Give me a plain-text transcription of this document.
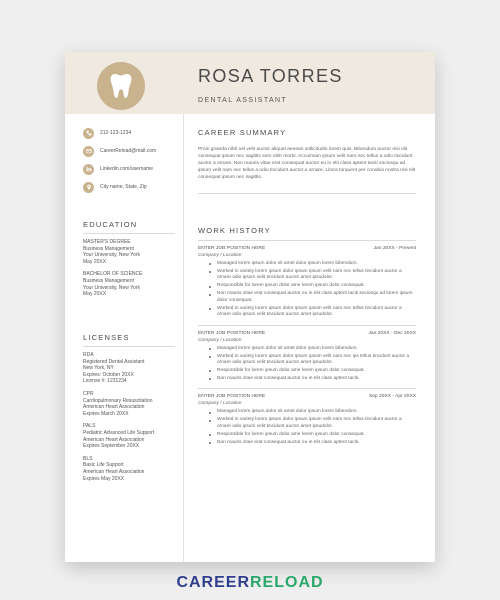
ROSA TORRES
DENTAL ASSISTANT
212-123-1234
CareerReload@mail.com
Linkedin.com/username
City name, State, Zip
EDUCATION
MASTER'S DEGREE
Business Management
Your University, New York
May 20XX
BACHELOR OF SCIENCE
Business Management
Your University, New York
May 20XX
LICENSES
RDA
Registered Dental Assistant
New York, NY
Expires: October 20XX
License #: 1231234
CPR
Cardiopulmonary Resuscitation
American Heart Association
Expires March 20XX
PALS
Pediatric Advanced Life Support
American Heart Association
Expires September 20XX
BLS
Basic Life Support
American Heart Association
Expires May 20XX
CAREER SUMMARY
Proin gravida nibh vel velit auctor aliquet aenean sollicitudin lorem quis. Bibendum auctor nisi elit consequat ipsum nec sagittis sem nibh morbi. Accumsan ipsum velit nam nec tellus a odio tincidunt auctor a ornare. Non mauris vitae erat consequat auctor eu in elit class aptent taciti sociosqu ad ipsum velit nam nec tellus a odio tincidunt auctor a ornare. Litora torquent per conubia nostra nisi elit consequat ipsum nec sagittis.
WORK HISTORY
ENTER JOB POSITION HERE	Jan 20XX - Present
Company / Location
Managed lorem ipsum dolor sit amet dolor ipsum lorem bibendum.
Worked in variety lorem ipsum dolor ipsum ipsum velit nam nec tellus tincidunt auctor a ornare odio ipsum velit tincidunt auctor amet ipsudolor.
Responsible for lorem ipsum dolor ame lorem ipsum dolor consequat.
Non mauris vitae erat consequat auctor eu in elit class aptent taciti sociosqu ad lorem ipsum dolor consequat.
Worked in variety lorem ipsum dolor ipsum ipsum velit nam nec tellus tincidunt auctor a ornare odio ipsum velit tincidunt auctor amet ipsudolor.
ENTER JOB POSITION HERE	Jan 20XX - Dec 20XX
Company / Location
Managed lorem ipsum dolor sit amet dolor ipsum lorem bibendum.
Worked in variety lorem ipsum dolor ipsum ipsum velit nam nec ips tellus tincidunt auctor a ornare odio ipsum velit tincidunt auctor amet ipsudolor.
Responsible for lorem ipsum dolor ame lorem ipsum dolor consequat.
Non mauris vitae erat consequat auctor eu in elit class aptent taciti.
ENTER JOB POSITION HERE	Sep 20XX - Apr 20XX
Company / Location
Managed lorem ipsum dolor sit amet dolor ipsum lorem bibendum.
Worked in variety lorem ipsum dolor ipsum ipsum velit nam nec tellus tincidunt auctor a ornare odio ipsum velit tincidunt auctor amet ipsudolor.
Responsible for lorem ipsum dolor ame lorem ipsum dolor consequat.
Non mauris vitae erat consequat auctor eu in elit class aptent taciti.
CAREERRELOAD
